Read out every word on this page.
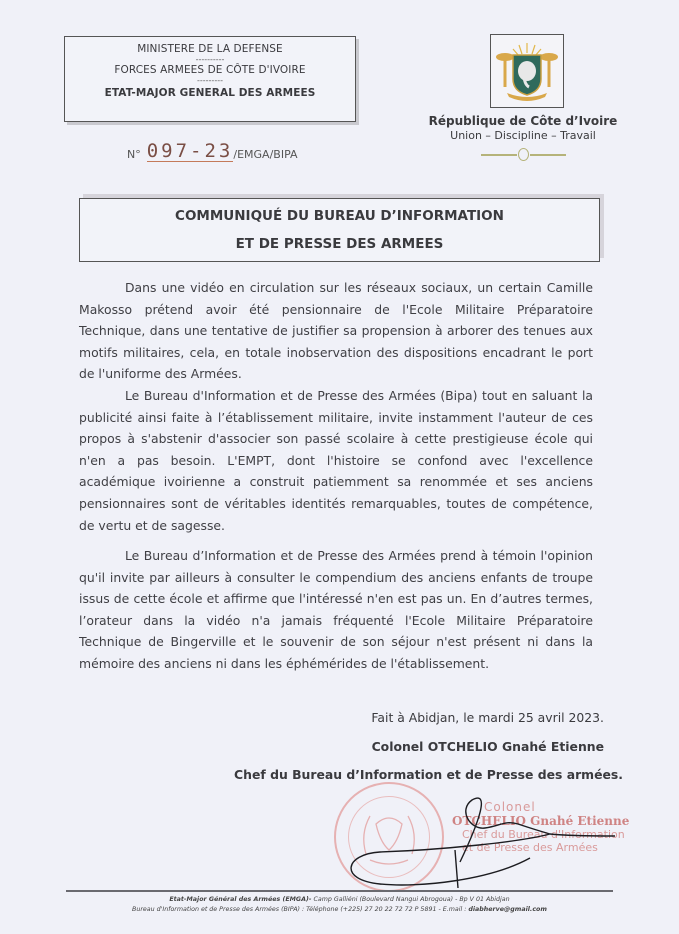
MINISTERE DE LA DEFENSE
----------
FORCES ARMEES DE CÔTE D'IVOIRE
---------
ETAT-MAJOR GENERAL DES ARMEES
N° 097-23 /EMGA/BIPA
République de Côte d’Ivoire
Union – Discipline – Travail
COMMUNIQUÉ DU BUREAU D’INFORMATION
ET DE PRESSE DES ARMEES

Dans une vidéo en circulation sur les réseaux sociaux, un certain Camille Makosso prétend avoir été pensionnaire de l'Ecole Militaire Préparatoire Technique, dans une tentative de justifier sa propension à arborer des tenues aux motifs militaires, cela, en totale inobservation des dispositions encadrant le port de l'uniforme des Armées.

Le Bureau d'Information et de Presse des Armées (Bipa) tout en saluant la publicité ainsi faite à l’établissement militaire, invite instamment l'auteur de ces propos à s'abstenir d'associer son passé scolaire à cette prestigieuse école qui n'en a pas besoin. L'EMPT, dont l'histoire se confond avec l'excellence académique ivoirienne a construit patiemment sa renommée et ses anciens pensionnaires sont de véritables identités remarquables, toutes de compétence, de vertu et de sagesse.

Le Bureau d’Information et de Presse des Armées prend à témoin l'opinion qu'il invite par ailleurs à consulter le compendium des anciens enfants de troupe issus de cette école et affirme que l'intéressé n'en est pas un. En d’autres termes, l’orateur dans la vidéo n'a jamais fréquenté l'Ecole Militaire Préparatoire Technique de Bingerville et le souvenir de son séjour n'est présent ni dans la mémoire des anciens ni dans les éphémérides de l'établissement.

Fait à Abidjan, le mardi 25 avril 2023.
Colonel OTCHELIO Gnahé Etienne
Chef du Bureau d’Information et de Presse des armées.
Colonel
OTCHELIO Gnahé Etienne
Chef du Bureau d'Information
et de Presse des Armées
Etat-Major Général des Armées (EMGA)- Camp Galliéni (Boulevard Nangui Abrogoua) - Bp V 01 Abidjan
Bureau d'Information et de Presse des Armées (BIPA) : Téléphone (+225) 27 20 22 72 72 P 5891 - E.mail : diabherve@gmail.com
